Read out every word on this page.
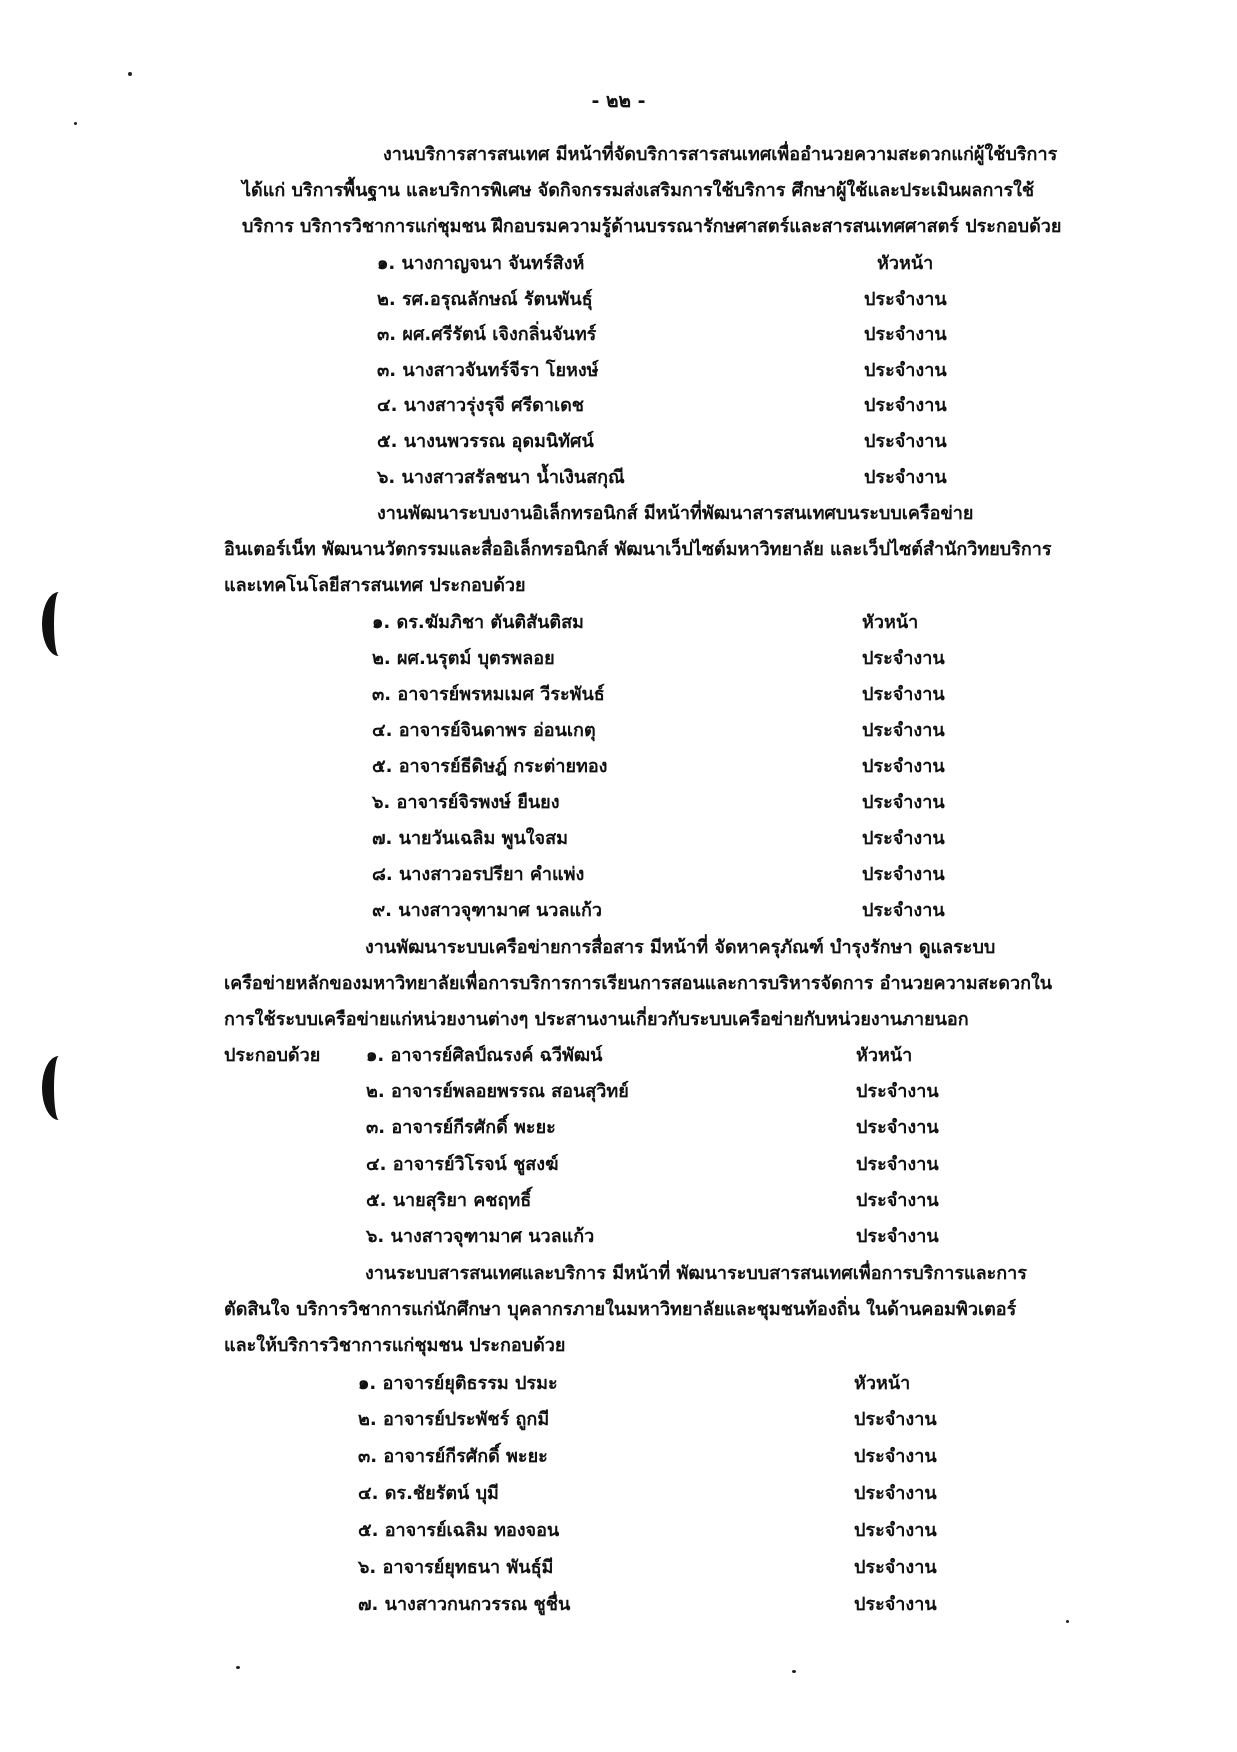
- ๒๒ -
งานบริการสารสนเทศ มีหน้าที่จัดบริการสารสนเทศเพื่ออำนวยความสะดวกแก่ผู้ใช้บริการ
ได้แก่ บริการพื้นฐาน และบริการพิเศษ จัดกิจกรรมส่งเสริมการใช้บริการ ศึกษาผู้ใช้และประเมินผลการใช้
บริการ บริการวิชาการแก่ชุมชน ฝึกอบรมความรู้ด้านบรรณารักษศาสตร์และสารสนเทศศาสตร์ ประกอบด้วย
๑. นางกาญจนา จันทร์สิงห์	หัวหน้า
๒. รศ.อรุณลักษณ์ รัตนพันธุ์	ประจำงาน
๓. ผศ.ศรีรัตน์ เจิงกลิ่นจันทร์	ประจำงาน
๓. นางสาวจันทร์จีรา โยหงษ์	ประจำงาน
๔. นางสาวรุ่งรุจี ศรีดาเดช	ประจำงาน
๕. นางนพวรรณ อุดมนิทัศน์	ประจำงาน
๖. นางสาวสรัลชนา น้ำเงินสกุณี	ประจำงาน
งานพัฒนาระบบงานอิเล็กทรอนิกส์ มีหน้าที่พัฒนาสารสนเทศบนระบบเครือข่าย
อินเตอร์เน็ท พัฒนานวัตกรรมและสื่ออิเล็กทรอนิกส์ พัฒนาเว็ปไซต์มหาวิทยาลัย และเว็ปไซต์สำนักวิทยบริการ
และเทคโนโลยีสารสนเทศ ประกอบด้วย
๑. ดร.ฆัมภิชา ตันติสันติสม	หัวหน้า
๒. ผศ.นรุตม์ บุตรพลอย	ประจำงาน
๓. อาจารย์พรหมเมศ วีระพันธ์	ประจำงาน
๔. อาจารย์จินดาพร อ่อนเกตุ	ประจำงาน
๕. อาจารย์ธีดิษฎ์ กระต่ายทอง	ประจำงาน
๖. อาจารย์จิรพงษ์ ยืนยง	ประจำงาน
๗. นายวันเฉลิม พูนใจสม	ประจำงาน
๘. นางสาวอรปรียา คำแพ่ง	ประจำงาน
๙. นางสาวจุฑามาศ นวลแก้ว	ประจำงาน
งานพัฒนาระบบเครือข่ายการสื่อสาร มีหน้าที่ จัดหาครุภัณฑ์ บำรุงรักษา ดูแลระบบ
เครือข่ายหลักของมหาวิทยาลัยเพื่อการบริการการเรียนการสอนและการบริหารจัดการ อำนวยความสะดวกใน
การใช้ระบบเครือข่ายแก่หน่วยงานต่างๆ ประสานงานเกี่ยวกับระบบเครือข่ายกับหน่วยงานภายนอก
ประกอบด้วย	๑. อาจารย์ศิลป์ณรงค์ ฉวีพัฒน์	หัวหน้า
๒. อาจารย์พลอยพรรณ สอนสุวิทย์	ประจำงาน
๓. อาจารย์กีรศักดิ์ พะยะ	ประจำงาน
๔. อาจารย์วิโรจน์ ชูสงฆ์	ประจำงาน
๕. นายสุริยา คชฤทธิ์	ประจำงาน
๖. นางสาวจุฑามาศ นวลแก้ว	ประจำงาน
งานระบบสารสนเทศและบริการ มีหน้าที่ พัฒนาระบบสารสนเทศเพื่อการบริการและการ
ตัดสินใจ บริการวิชาการแก่นักศึกษา บุคลากรภายในมหาวิทยาลัยและชุมชนท้องถิ่น ในด้านคอมพิวเตอร์
และให้บริการวิชาการแก่ชุมชน ประกอบด้วย
๑. อาจารย์ยุติธรรม ปรมะ	หัวหน้า
๒. อาจารย์ประพัชร์ ถูกมี	ประจำงาน
๓. อาจารย์กีรศักดิ์ พะยะ	ประจำงาน
๔. ดร.ชัยรัตน์ บุมี	ประจำงาน
๕. อาจารย์เฉลิม ทองจอน	ประจำงาน
๖. อาจารย์ยุทธนา พันธุ์มี	ประจำงาน
๗. นางสาวกนกวรรณ ชูชื่น	ประจำงาน
